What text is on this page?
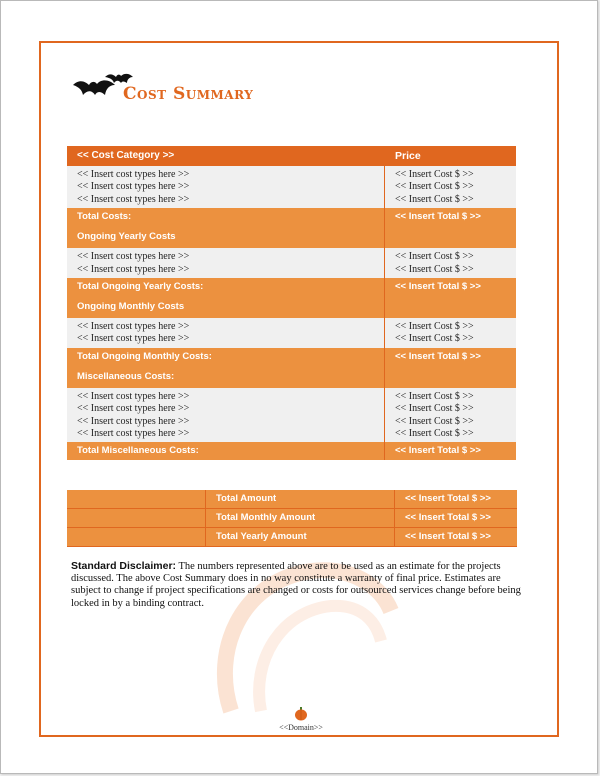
Cost Summary
<< Cost Category >>	Price
<< Insert cost types here >>	<< Insert Cost $ >>
<< Insert cost types here >>	<< Insert Cost $ >>
<< Insert cost types here >>	<< Insert Cost $ >>
Total Costs:	<< Insert Total $ >>
Ongoing Yearly Costs	
<< Insert cost types here >>	<< Insert Cost $ >>
<< Insert cost types here >>	<< Insert Cost $ >>
Total Ongoing Yearly Costs:	<< Insert Total $ >>
Ongoing Monthly Costs	
<< Insert cost types here >>	<< Insert Cost $ >>
<< Insert cost types here >>	<< Insert Cost $ >>
Total Ongoing Monthly Costs:	<< Insert Total $ >>
Miscellaneous Costs:	
<< Insert cost types here >>	<< Insert Cost $ >>
<< Insert cost types here >>	<< Insert Cost $ >>
<< Insert cost types here >>	<< Insert Cost $ >>
<< Insert cost types here >>	<< Insert Cost $ >>
Total Miscellaneous Costs:	<< Insert Total $ >>
	Total Amount	<< Insert Total $ >>
	Total Monthly Amount	<< Insert Total $ >>
	Total Yearly Amount	<< Insert Total $ >>
Standard Disclaimer: The numbers represented above are to be used as an estimate for the projects discussed. The above Cost Summary does in no way constitute a warranty of final price. Estimates are subject to change if project specifications are changed or costs for outsourced services change before being locked in by a binding contract.
<<Domain>>
